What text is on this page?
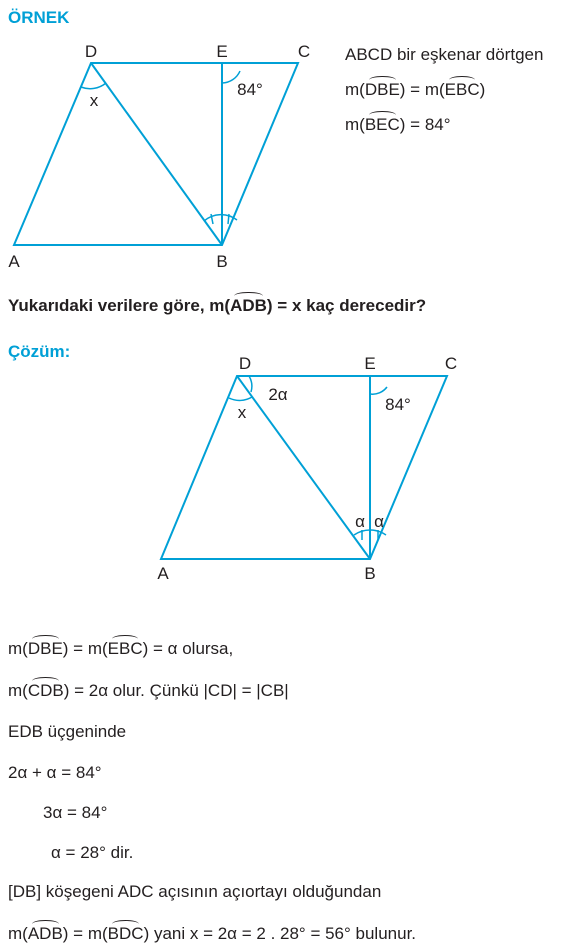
ÖRNEK
D	E	C
A	B
x
84°
ABCD bir eşkenar dörtgen
m(DBE) = m(EBC)
m(BEC) = 84°
Yukarıdaki verilere göre, m(ADB) = x kaç derecedir?
Çözüm:
D	E	C
A	B
x
2α
84°
α α
m(DBE) = m(EBC) = α olursa,
m(CDB) = 2α olur. Çünkü |CD| = |CB|
EDB üçgeninde
2α + α = 84°
3α = 84°
α = 28° dir.
[DB] köşegeni ADC açısının açıortayı olduğundan
m(ADB) = m(BDC) yani x = 2α = 2 . 28° = 56° bulunur.
